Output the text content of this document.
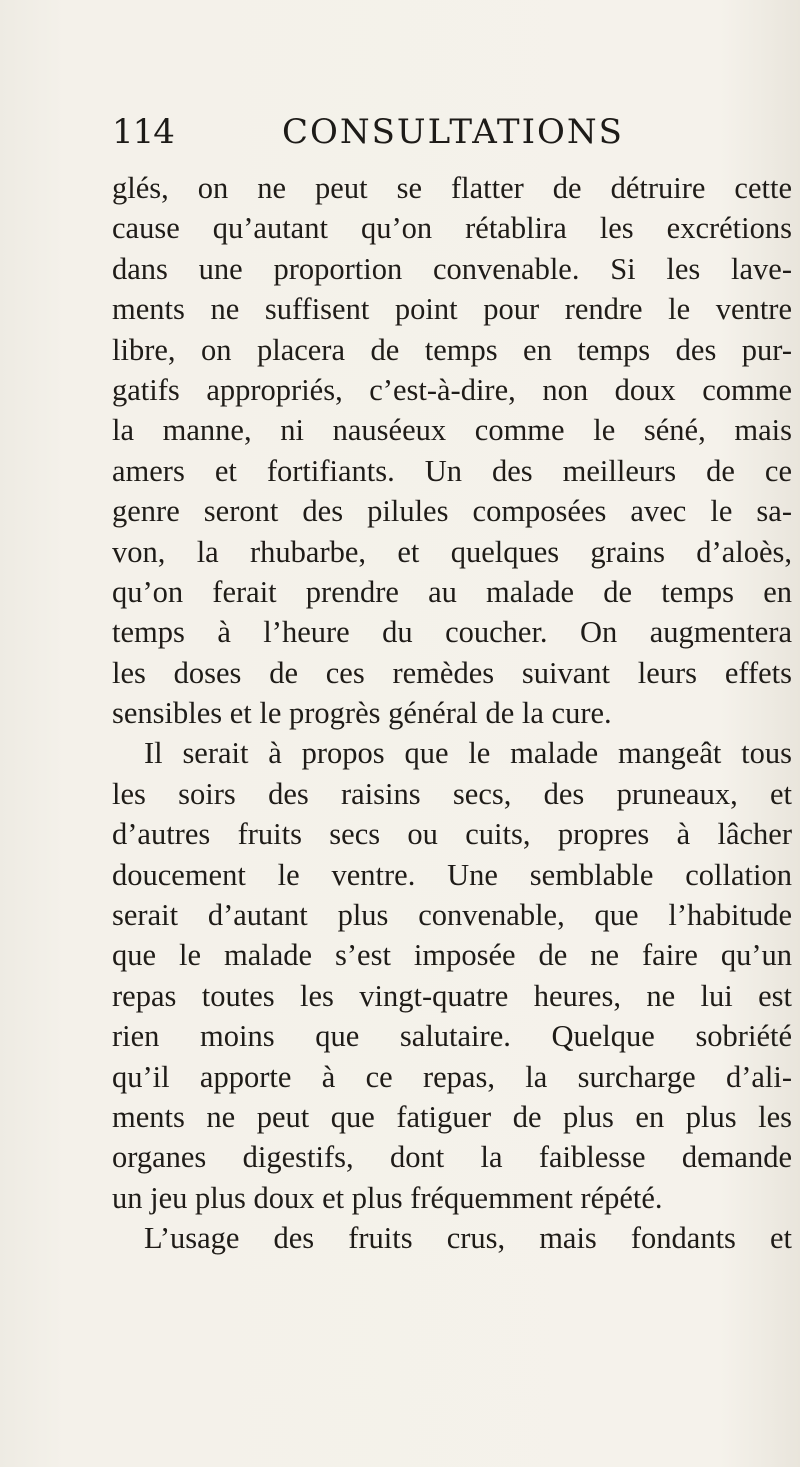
114	CONSULTATIONS
glés, on ne peut se flatter de détruire cette
cause qu’autant qu’on rétablira les excrétions
dans une proportion convenable. Si les lave-
ments ne suffisent point pour rendre le ventre
libre, on placera de temps en temps des pur-
gatifs appropriés, c’est-à-dire, non doux comme
la manne, ni nauséeux comme le séné, mais
amers et fortifiants. Un des meilleurs de ce
genre seront des pilules composées avec le sa-
von, la rhubarbe, et quelques grains d’aloès,
qu’on ferait prendre au malade de temps en
temps à l’heure du coucher. On augmentera
les doses de ces remèdes suivant leurs effets
sensibles et le progrès général de la cure.
Il serait à propos que le malade mangeât tous
les soirs des raisins secs, des pruneaux, et
d’autres fruits secs ou cuits, propres à lâcher
doucement le ventre. Une semblable collation
serait d’autant plus convenable, que l’habitude
que le malade s’est imposée de ne faire qu’un
repas toutes les vingt-quatre heures, ne lui est
rien moins que salutaire. Quelque sobriété
qu’il apporte à ce repas, la surcharge d’ali-
ments ne peut que fatiguer de plus en plus les
organes digestifs, dont la faiblesse demande
un jeu plus doux et plus fréquemment répété.
L’usage des fruits crus, mais fondants et
